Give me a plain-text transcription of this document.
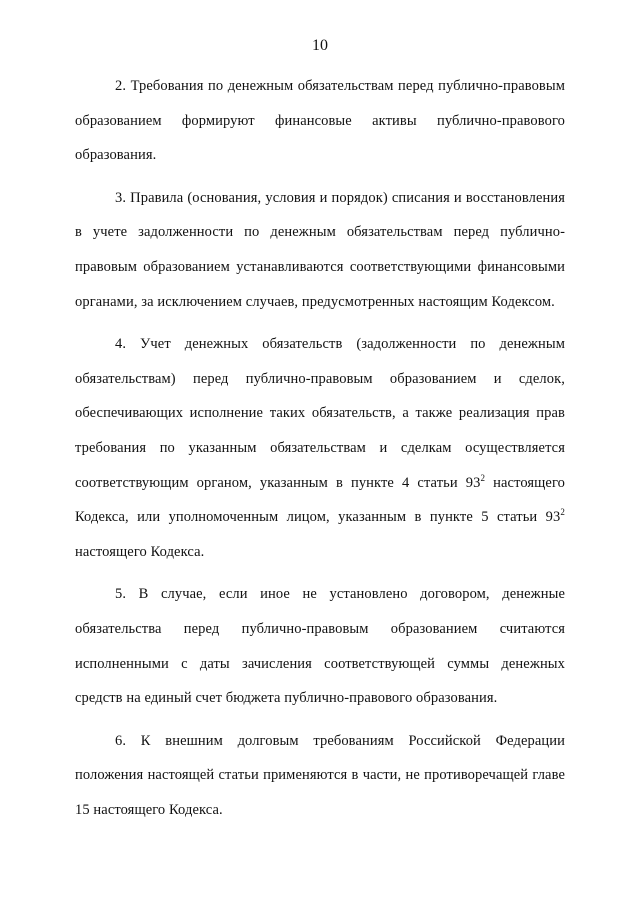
10

2. Требования по денежным обязательствам перед публично-правовым образованием формируют финансовые активы публично-правового образования.

3. Правила (основания, условия и порядок) списания и восстановления в учете задолженности по денежным обязательствам перед публично-правовым образованием устанавливаются соответствующими финансовыми органами, за исключением случаев, предусмотренных настоящим Кодексом.

4. Учет денежных обязательств (задолженности по денежным обязательствам) перед публично-правовым образованием и сделок, обеспечивающих исполнение таких обязательств, а также реализация прав требования по указанным обязательствам и сделкам осуществляется соответствующим органом, указанным в пункте 4 статьи $93^2$ настоящего Кодекса, или уполномоченным лицом, указанным в пункте 5 статьи $93^2$ настоящего Кодекса.

5. В случае, если иное не установлено договором, денежные обязательства перед публично-правовым образованием считаются исполненными с даты зачисления соответствующей суммы денежных средств на единый счет бюджета публично-правового образования.

6. К внешним долговым требованиям Российской Федерации положения настоящей статьи применяются в части, не противоречащей главе 15 настоящего Кодекса.
